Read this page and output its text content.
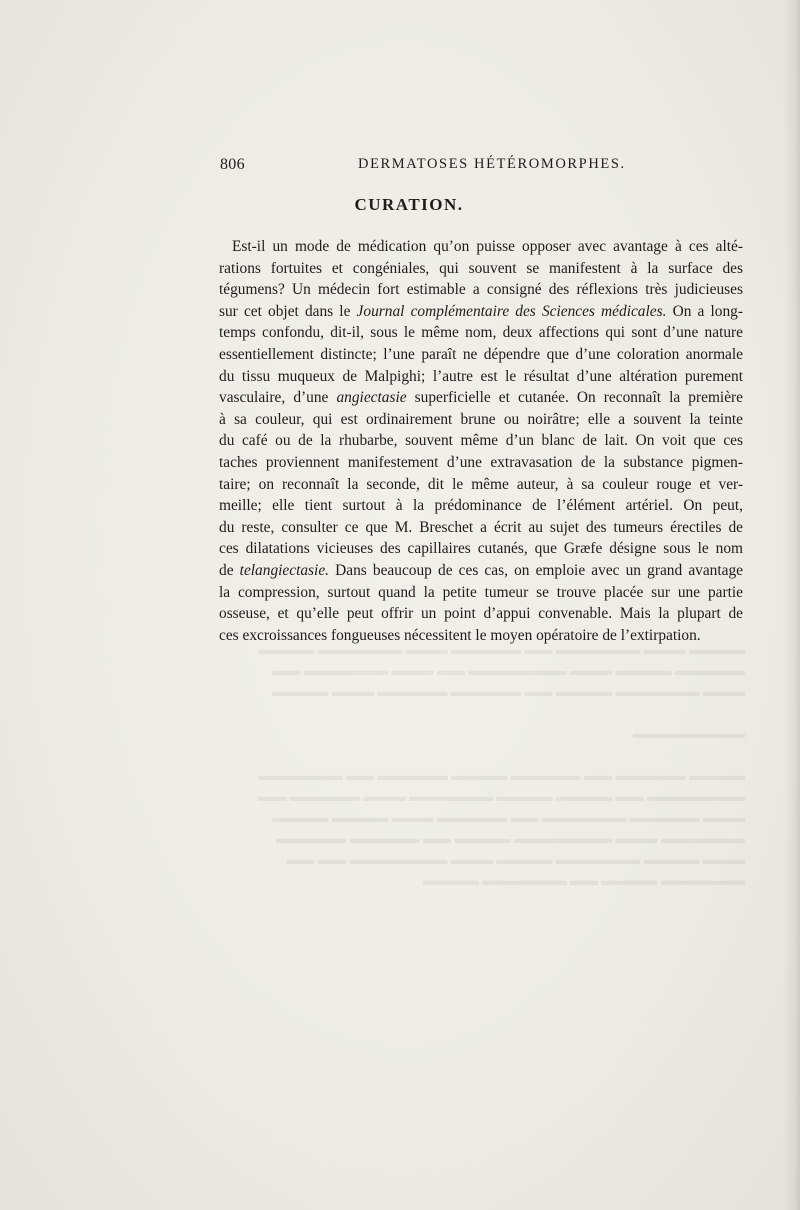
▬▬▬▬ ▬▬▬ ▬▬▬▬▬▬ ▬▬ ▬▬▬▬▬ ▬▬▬ ▬▬▬▬▬▬ ▬▬▬▬
▬▬▬▬▬ ▬▬▬▬ ▬▬▬ ▬▬▬▬▬▬▬ ▬▬ ▬▬▬ ▬▬▬▬▬▬ ▬▬
▬▬▬ ▬▬▬▬▬▬ ▬▬▬▬ ▬▬ ▬▬▬▬▬ ▬▬▬▬▬ ▬▬▬ ▬▬▬▬

▬▬▬▬▬▬▬▬

▬▬▬▬ ▬▬▬▬▬ ▬▬ ▬▬▬▬▬ ▬▬▬▬ ▬▬▬▬▬ ▬▬ ▬▬▬▬▬▬
▬▬▬▬▬▬▬ ▬▬ ▬▬▬▬ ▬▬▬▬ ▬▬▬▬▬▬ ▬▬▬ ▬▬▬▬▬ ▬▬
▬▬▬ ▬▬▬▬▬ ▬▬▬▬▬▬ ▬▬ ▬▬▬▬▬ ▬▬▬ ▬▬▬▬ ▬▬▬▬
▬▬▬▬▬▬ ▬▬▬ ▬▬▬▬▬▬▬ ▬▬▬▬ ▬▬ ▬▬▬▬▬ ▬▬▬▬▬
▬▬▬ ▬▬▬▬ ▬▬▬▬▬▬ ▬▬▬▬ ▬▬▬ ▬▬▬▬▬▬▬ ▬▬ ▬▬
▬▬▬▬▬▬ ▬▬▬▬ ▬▬ ▬▬▬▬▬▬ ▬▬▬▬
806	DERMATOSES HÉTÉROMORPHES.
CURATION.
Est-il un mode de médication qu’on puisse opposer avec avantage à ces alté-
rations fortuites et congéniales, qui souvent se manifestent à la surface des
tégumens? Un médecin fort estimable a consigné des réflexions très judicieuses
sur cet objet dans le Journal complémentaire des Sciences médicales. On a long-
temps confondu, dit-il, sous le même nom, deux affections qui sont d’une nature
essentiellement distincte; l’une paraît ne dépendre que d’une coloration anormale
du tissu muqueux de Malpighi; l’autre est le résultat d’une altération purement
vasculaire, d’une angiectasie superficielle et cutanée. On reconnaît la première
à sa couleur, qui est ordinairement brune ou noirâtre; elle a souvent la teinte
du café ou de la rhubarbe, souvent même d’un blanc de lait. On voit que ces
taches proviennent manifestement d’une extravasation de la substance pigmen-
taire; on reconnaît la seconde, dit le même auteur, à sa couleur rouge et ver-
meille; elle tient surtout à la prédominance de l’élément artériel. On peut,
du reste, consulter ce que M. Breschet a écrit au sujet des tumeurs érectiles de
ces dilatations vicieuses des capillaires cutanés, que Græfe désigne sous le nom
de telangiectasie. Dans beaucoup de ces cas, on emploie avec un grand avantage
la compression, surtout quand la petite tumeur se trouve placée sur une partie
osseuse, et qu’elle peut offrir un point d’appui convenable. Mais la plupart de
ces excroissances fongueuses nécessitent le moyen opératoire de l’extirpation.
